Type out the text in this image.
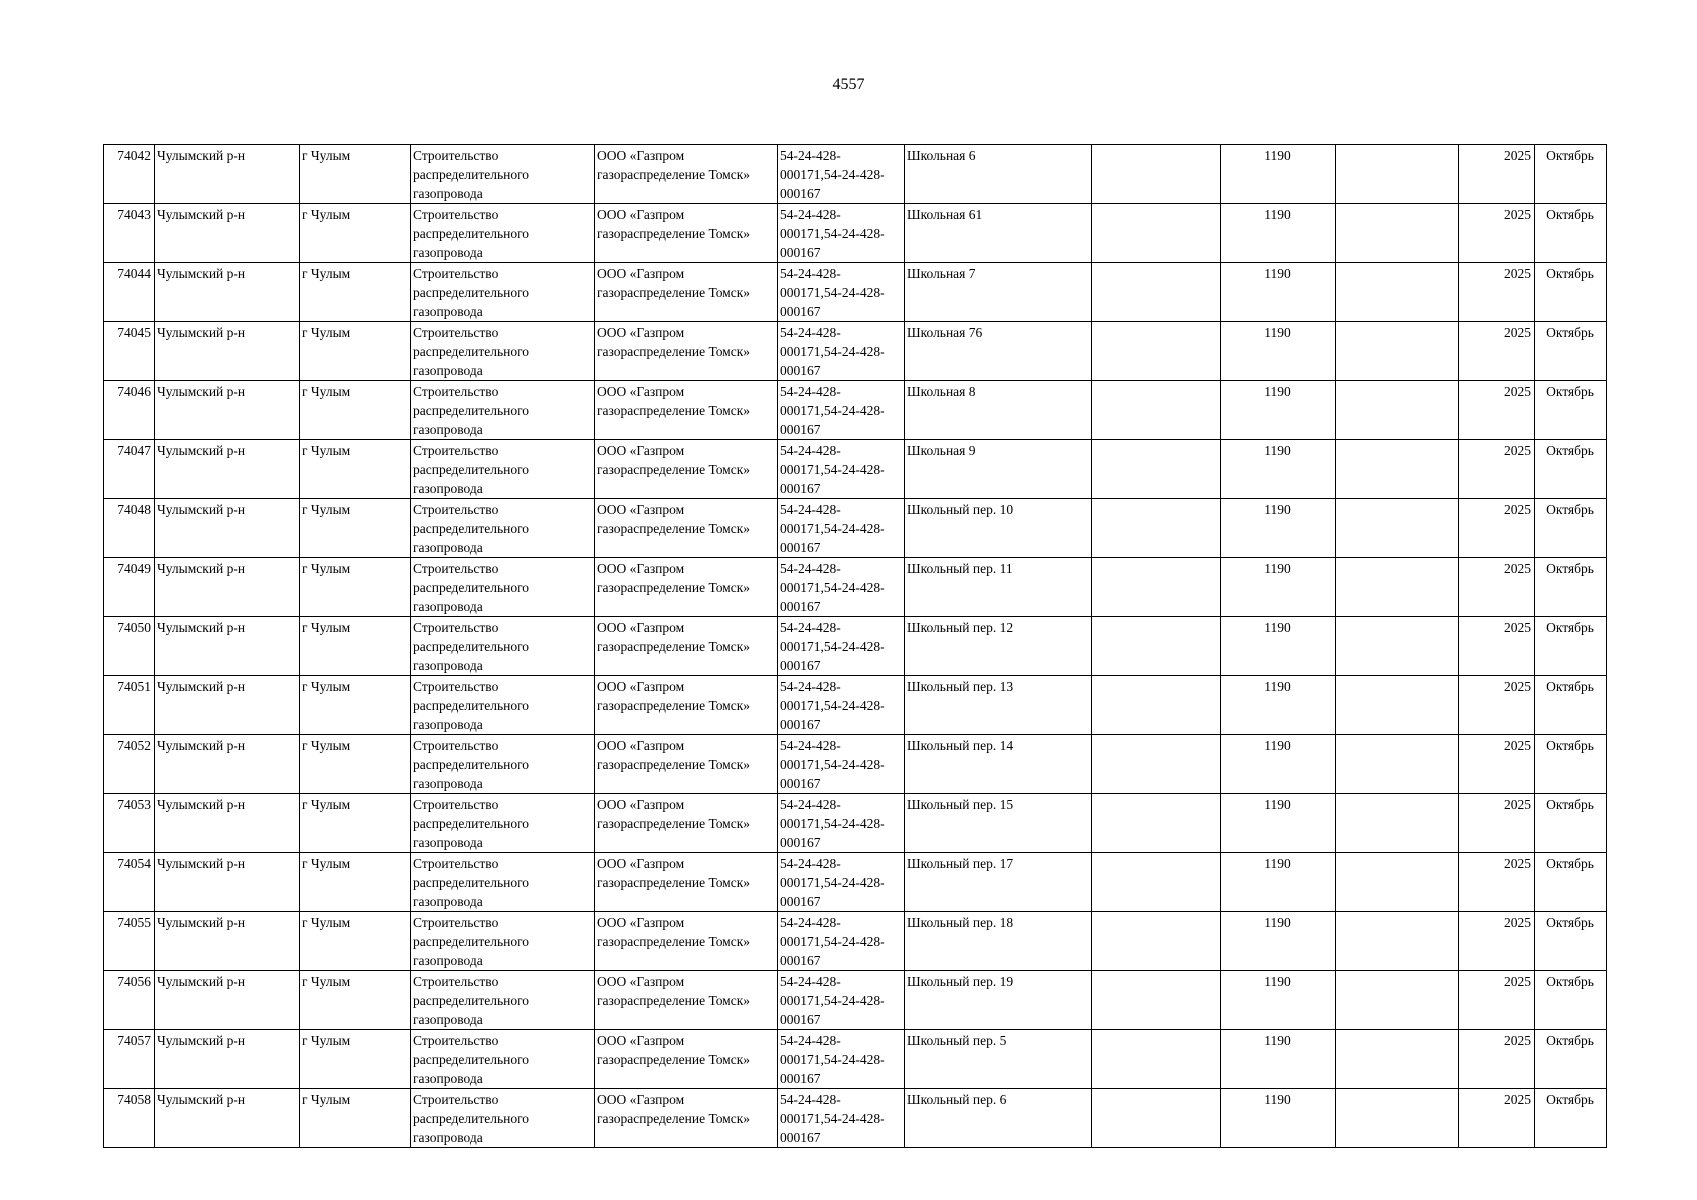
4557
74042	Чулымский р-н	г Чулым	Строительство распределительного газопровода	ООО «Газпром газораспределение Томск»	54-24-428-000171,54-24-428-000167	Школьная 6		1190		2025	Октябрь
74043	Чулымский р-н	г Чулым	Строительство распределительного газопровода	ООО «Газпром газораспределение Томск»	54-24-428-000171,54-24-428-000167	Школьная 61		1190		2025	Октябрь
74044	Чулымский р-н	г Чулым	Строительство распределительного газопровода	ООО «Газпром газораспределение Томск»	54-24-428-000171,54-24-428-000167	Школьная 7		1190		2025	Октябрь
74045	Чулымский р-н	г Чулым	Строительство распределительного газопровода	ООО «Газпром газораспределение Томск»	54-24-428-000171,54-24-428-000167	Школьная 76		1190		2025	Октябрь
74046	Чулымский р-н	г Чулым	Строительство распределительного газопровода	ООО «Газпром газораспределение Томск»	54-24-428-000171,54-24-428-000167	Школьная 8		1190		2025	Октябрь
74047	Чулымский р-н	г Чулым	Строительство распределительного газопровода	ООО «Газпром газораспределение Томск»	54-24-428-000171,54-24-428-000167	Школьная 9		1190		2025	Октябрь
74048	Чулымский р-н	г Чулым	Строительство распределительного газопровода	ООО «Газпром газораспределение Томск»	54-24-428-000171,54-24-428-000167	Школьный пер. 10		1190		2025	Октябрь
74049	Чулымский р-н	г Чулым	Строительство распределительного газопровода	ООО «Газпром газораспределение Томск»	54-24-428-000171,54-24-428-000167	Школьный пер. 11		1190		2025	Октябрь
74050	Чулымский р-н	г Чулым	Строительство распределительного газопровода	ООО «Газпром газораспределение Томск»	54-24-428-000171,54-24-428-000167	Школьный пер. 12		1190		2025	Октябрь
74051	Чулымский р-н	г Чулым	Строительство распределительного газопровода	ООО «Газпром газораспределение Томск»	54-24-428-000171,54-24-428-000167	Школьный пер. 13		1190		2025	Октябрь
74052	Чулымский р-н	г Чулым	Строительство распределительного газопровода	ООО «Газпром газораспределение Томск»	54-24-428-000171,54-24-428-000167	Школьный пер. 14		1190		2025	Октябрь
74053	Чулымский р-н	г Чулым	Строительство распределительного газопровода	ООО «Газпром газораспределение Томск»	54-24-428-000171,54-24-428-000167	Школьный пер. 15		1190		2025	Октябрь
74054	Чулымский р-н	г Чулым	Строительство распределительного газопровода	ООО «Газпром газораспределение Томск»	54-24-428-000171,54-24-428-000167	Школьный пер. 17		1190		2025	Октябрь
74055	Чулымский р-н	г Чулым	Строительство распределительного газопровода	ООО «Газпром газораспределение Томск»	54-24-428-000171,54-24-428-000167	Школьный пер. 18		1190		2025	Октябрь
74056	Чулымский р-н	г Чулым	Строительство распределительного газопровода	ООО «Газпром газораспределение Томск»	54-24-428-000171,54-24-428-000167	Школьный пер. 19		1190		2025	Октябрь
74057	Чулымский р-н	г Чулым	Строительство распределительного газопровода	ООО «Газпром газораспределение Томск»	54-24-428-000171,54-24-428-000167	Школьный пер. 5		1190		2025	Октябрь
74058	Чулымский р-н	г Чулым	Строительство распределительного газопровода	ООО «Газпром газораспределение Томск»	54-24-428-000171,54-24-428-000167	Школьный пер. 6		1190		2025	Октябрь
